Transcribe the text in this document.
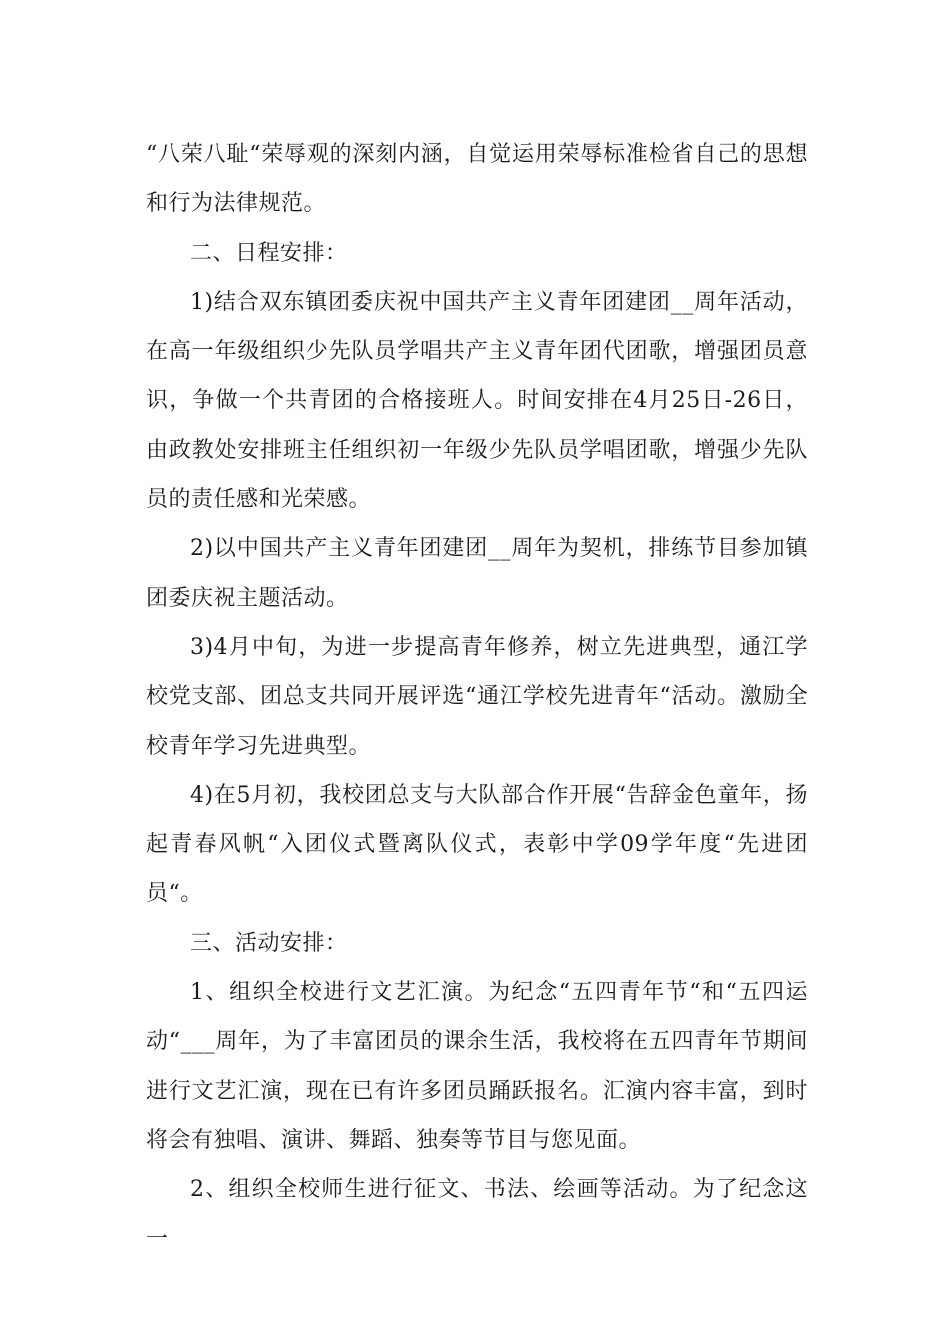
“八荣八耻“荣辱观的深刻内涵，自觉运用荣辱标准检省自己的思想和行为法律规范。

二、日程安排：

1)结合双东镇团委庆祝中国共产主义青年团建团__周年活动，在高一年级组织少先队员学唱共产主义青年团代团歌，增强团员意识，争做一个共青团的合格接班人。时间安排在4月25日-26日，由政教处安排班主任组织初一年级少先队员学唱团歌，增强少先队员的责任感和光荣感。

2)以中国共产主义青年团建团__周年为契机，排练节目参加镇团委庆祝主题活动。

3)4月中旬，为进一步提高青年修养，树立先进典型，通江学校党支部、团总支共同开展评选“通江学校先进青年“活动。激励全校青年学习先进典型。

4)在5月初，我校团总支与大队部合作开展“告辞金色童年，扬起青春风帆“入团仪式暨离队仪式，表彰中学09学年度“先进团员“。

三、活动安排：

1、组织全校进行文艺汇演。为纪念“五四青年节“和“五四运动“___周年，为了丰富团员的课余生活，我校将在五四青年节期间进行文艺汇演，现在已有许多团员踊跃报名。汇演内容丰富，到时将会有独唱、演讲、舞蹈、独奏等节目与您见面。

2、组织全校师生进行征文、书法、绘画等活动。为了纪念这一
